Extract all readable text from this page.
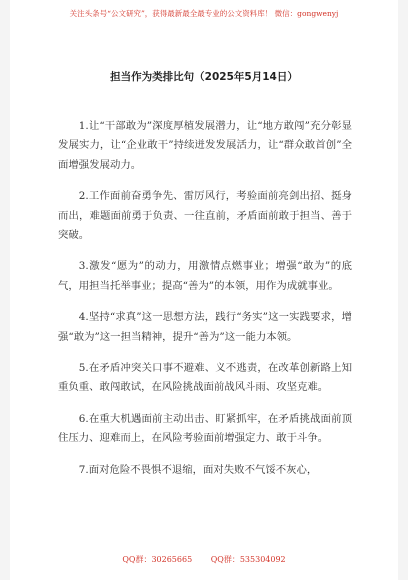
关注头条号“公文研究”，获得最新最全最专业的公文资料库！ 微信：gongwenyj
担当作为类排比句（2025年5月14日）

1.让“干部敢为”深度厚植发展潜力，让“地方敢闯”充分彰显发展实力，让“企业敢干”持续迸发发展活力，让“群众敢首创”全面增强发展动力。

2.工作面前奋勇争先、雷厉风行，考验面前亮剑出招、挺身而出，难题面前勇于负责、一往直前，矛盾面前敢于担当、善于突破。

3.激发“愿为”的动力，用激情点燃事业；增强“敢为”的底气，用担当托举事业；提高“善为”的本领，用作为成就事业。

4.坚持“求真”这一思想方法，践行“务实”这一实践要求，增强“敢为”这一担当精神，提升“善为”这一能力本领。

5.在矛盾冲突关口事不避难、义不逃责，在改革创新路上知重负重、敢闯敢试，在风险挑战面前战风斗雨、攻坚克难。

6.在重大机遇面前主动出击、盯紧抓牢，在矛盾挑战面前顶住压力、迎难而上，在风险考验面前增强定力、敢于斗争。

7.面对危险不畏惧不退缩，面对失败不气馁不灰心，

QQ群：30265665 QQ群：535304092
